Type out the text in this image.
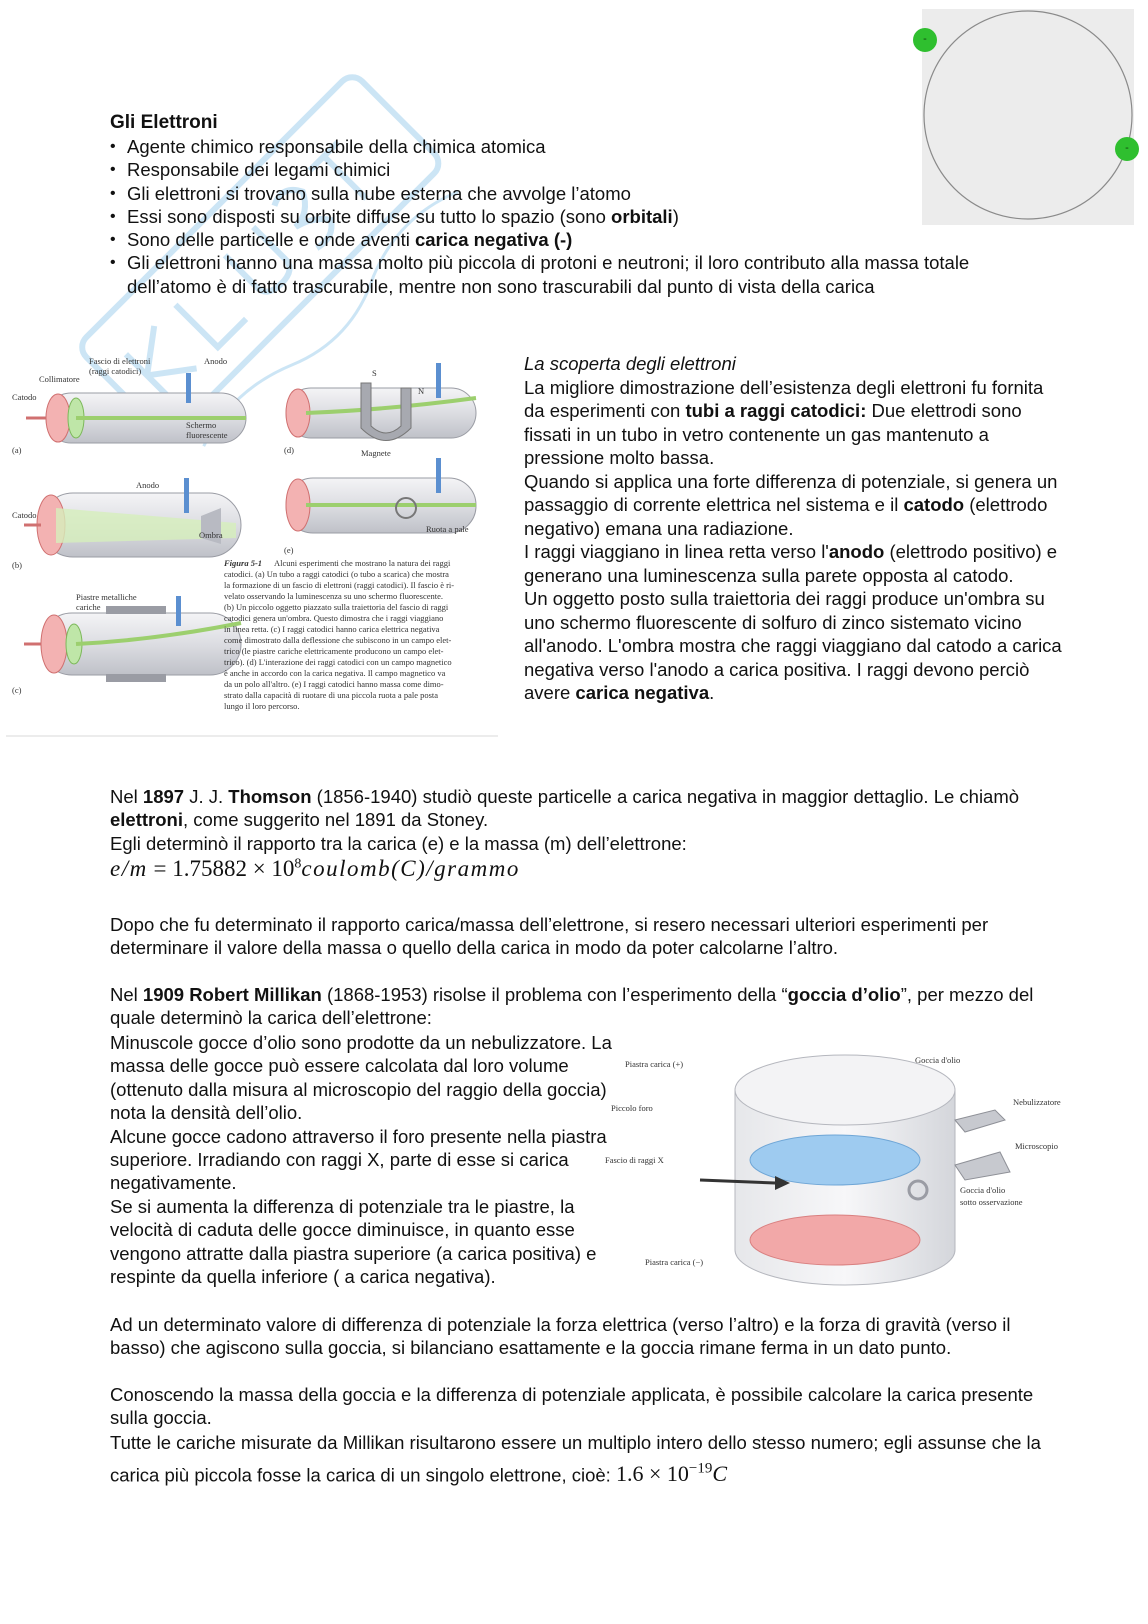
-
-
Gli Elettroni
• Agente chimico responsabile della chimica atomica
• Responsabile dei legami chimici
• Gli elettroni si trovano sulla nube esterna che avvolge l’atomo
• Essi sono disposti su orbite diffuse su tutto lo spazio (sono orbitali)
• Sono delle particelle e onde aventi carica negativa (-)
• Gli elettroni hanno una massa molto più piccola di protoni e neutroni; il loro contributo alla massa totale dell’atomo è di fatto trascurabile, mentre non sono trascurabili dal punto di vista della carica
Collimatore
Fascio di elettroni
(raggi catodici)
Anodo
Catodo
Schermo
fluorescente
(a)	(d)
S
N
Magnete
Anodo
Catodo
Ombra
(b)
Ruota a pale
(e)
Piastre metalliche
cariche
(c)
Figura 5-1 Alcuni esperimenti che mostrano la natura dei raggi
catodici. (a) Un tubo a raggi catodici (o tubo a scarica) che mostra
la formazione di un fascio di elettroni (raggi catodici). Il fascio è ri-
velato osservando la luminescenza su uno schermo fluorescente.
(b) Un piccolo oggetto piazzato sulla traiettoria del fascio di raggi
catodici genera un'ombra. Questo dimostra che i raggi viaggiano
in linea retta. (c) I raggi catodici hanno carica elettrica negativa
come dimostrato dalla deflessione che subiscono in un campo elet-
trico (le piastre cariche elettricamente producono un campo elet-
trico). (d) L'interazione dei raggi catodici con un campo magnetico
è anche in accordo con la carica negativa. Il campo magnetico va
da un polo all'altro. (e) I raggi catodici hanno massa come dimo-
strato dalla capacità di ruotare di una piccola ruota a pale posta
lungo il loro percorso.

La scoperta degli elettroni

La migliore dimostrazione dell’esistenza degli elettroni fu fornita da esperimenti con tubi a raggi catodici: Due elettrodi sono fissati in un tubo in vetro contenente un gas mantenuto a pressione molto bassa.

Quando si applica una forte differenza di potenziale, si genera un passaggio di corrente elettrica nel sistema e il catodo (elettrodo negativo) emana una radiazione.

I raggi viaggiano in linea retta verso l'anodo (elettrodo positivo) e generano una luminescenza sulla parete opposta al catodo.

Un oggetto posto sulla traiettoria dei raggi produce un'ombra su uno schermo fluorescente di solfuro di zinco sistemato vicino all'anodo. L'ombra mostra che raggi viaggiano dal catodo a carica negativa verso l'anodo a carica positiva. I raggi devono perciò avere carica negativa.

Nel 1897 J. J. Thomson (1856-1940) studiò queste particelle a carica negativa in maggior dettaglio. Le chiamò elettroni, come suggerito nel 1891 da Stoney.
Egli determinò il rapporto tra la carica (e) e la massa (m) dell’elettrone:

$e/m = 1.75882 \times 10^8coulomb(C)$/grammo

Dopo che fu determinato il rapporto carica/massa dell’elettrone, si resero necessari ulteriori esperimenti per determinare il valore della massa o quello della carica in modo da poter calcolarne l’altro.

Nel 1909 Robert Millikan (1868-1953) risolse il problema con l’esperimento della “goccia d’olio”, per mezzo del quale determinò la carica dell’elettrone:

Minuscole gocce d’olio sono prodotte da un nebulizzatore. La massa delle gocce può essere calcolata dal loro volume (ottenuto dalla misura al microscopio del raggio della goccia) nota la densità dell’olio.

Alcune gocce cadono attraverso il foro presente nella piastra superiore. Irradiando con raggi X, parte di esse si carica negativamente.

Se si aumenta la differenza di potenziale tra le piastre, la velocità di caduta delle gocce diminuisce, in quanto esse vengono attratte dalla piastra superiore (a carica positiva) e respinte da quella inferiore ( a carica negativa).

Piastra carica (+)	Goccia d'olio
Piccolo foro
Nebulizzatore
Microscopio
Fascio di raggi X
Goccia d'olio
sotto osservazione
Piastra carica (−)

Ad un determinato valore di differenza di potenziale la forza elettrica (verso l’altro) e la forza di gravità (verso il basso) che agiscono sulla goccia, si bilanciano esattamente e la goccia rimane ferma in un dato punto.

Conoscendo la massa della goccia e la differenza di potenziale applicata, è possibile calcolare la carica presente sulla goccia.

Tutte le cariche misurate da Millikan risultarono essere un multiplo intero dello stesso numero; egli assunse che la carica più piccola fosse la carica di un singolo elettrone, cioè: $1.6 \times 10^{-19}C$
